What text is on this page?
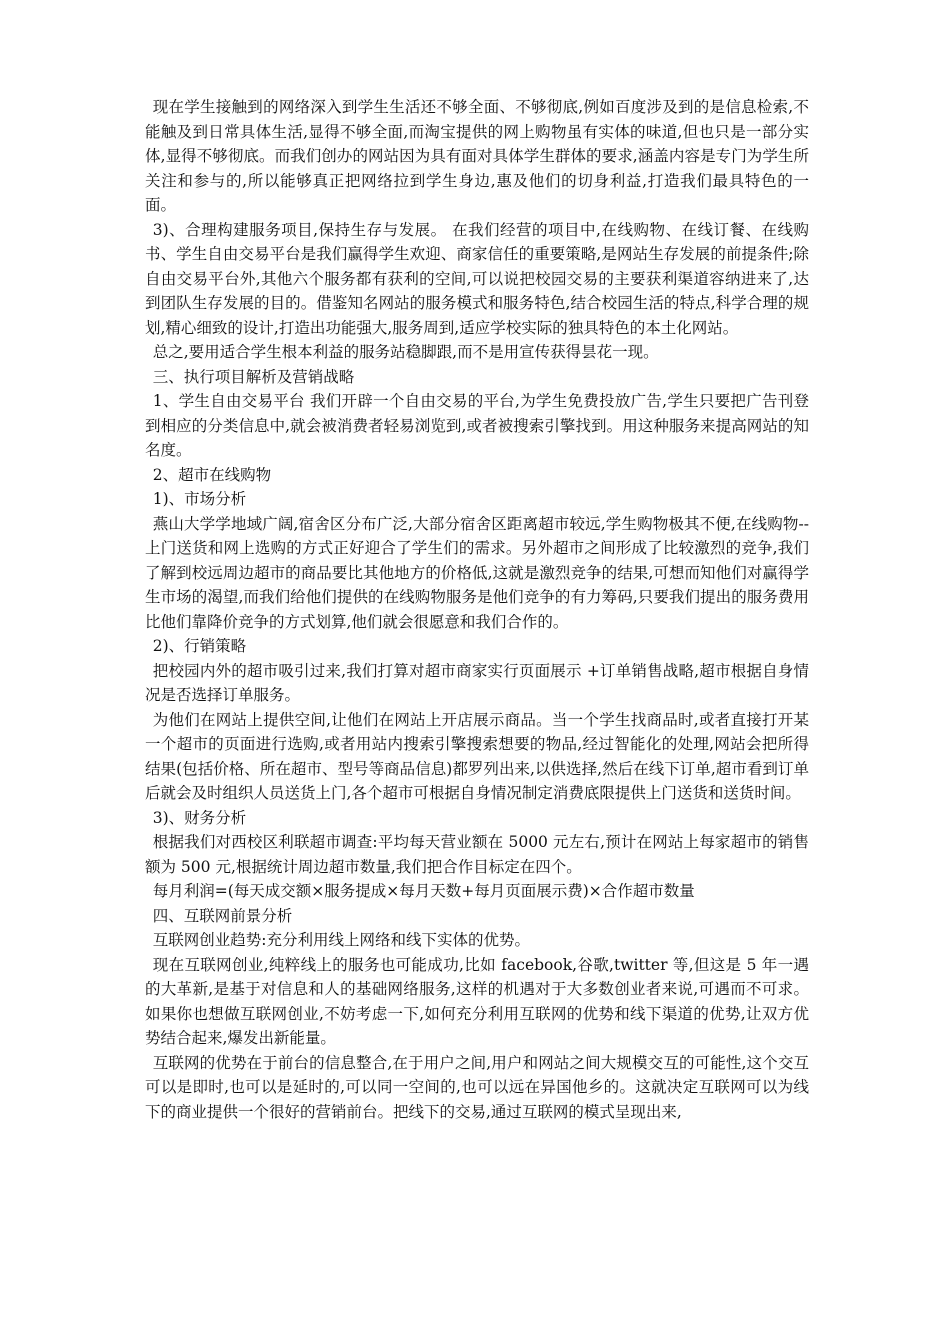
现在学生接触到的网络深入到学生生活还不够全面、不够彻底,例如百度涉及到的是信息检索,不能触及到日常具体生活,显得不够全面,而淘宝提供的网上购物虽有实体的味道,但也只是一部分实体,显得不够彻底。而我们创办的网站因为具有面对具体学生群体的要求,涵盖内容是专门为学生所关注和参与的,所以能够真正把网络拉到学生身边,惠及他们的切身利益,打造我们最具特色的一面。

3)、合理构建服务项目,保持生存与发展。 在我们经营的项目中,在线购物、在线订餐、在线购书、学生自由交易平台是我们赢得学生欢迎、商家信任的重要策略,是网站生存发展的前提条件;除自由交易平台外,其他六个服务都有获利的空间,可以说把校园交易的主要获利渠道容纳进来了,达到团队生存发展的目的。借鉴知名网站的服务模式和服务特色,结合校园生活的特点,科学合理的规划,精心细致的设计,打造出功能强大,服务周到,适应学校实际的独具特色的本土化网站。

总之,要用适合学生根本利益的服务站稳脚跟,而不是用宣传获得昙花一现。

三、执行项目解析及营销战略

1、学生自由交易平台 我们开辟一个自由交易的平台,为学生免费投放广告,学生只要把广告刊登到相应的分类信息中,就会被消费者轻易浏览到,或者被搜索引擎找到。用这种服务来提高网站的知名度。

2、超市在线购物

1)、市场分析

燕山大学学地域广阔,宿舍区分布广泛,大部分宿舍区距离超市较远,学生购物极其不便,在线购物--上门送货和网上选购的方式正好迎合了学生们的需求。另外超市之间形成了比较激烈的竞争,我们了解到校远周边超市的商品要比其他地方的价格低,这就是激烈竞争的结果,可想而知他们对赢得学生市场的渴望,而我们给他们提供的在线购物服务是他们竞争的有力筹码,只要我们提出的服务费用比他们靠降价竞争的方式划算,他们就会很愿意和我们合作的。

2)、行销策略

把校园内外的超市吸引过来,我们打算对超市商家实行页面展示 +订单销售战略,超市根据自身情况是否选择订单服务。

为他们在网站上提供空间,让他们在网站上开店展示商品。当一个学生找商品时,或者直接打开某一个超市的页面进行选购,或者用站内搜索引擎搜索想要的物品,经过智能化的处理,网站会把所得结果(包括价格、所在超市、型号等商品信息)都罗列出来,以供选择,然后在线下订单,超市看到订单后就会及时组织人员送货上门,各个超市可根据自身情况制定消费底限提供上门送货和送货时间。

3)、财务分析

根据我们对西校区利联超市调查:平均每天营业额在 5000 元左右,预计在网站上每家超市的销售额为 500 元,根据统计周边超市数量,我们把合作目标定在四个。

每月利润=(每天成交额×服务提成×每月天数+每月页面展示费)×合作超市数量

四、互联网前景分析

互联网创业趋势:充分利用线上网络和线下实体的优势。

现在互联网创业,纯粹线上的服务也可能成功,比如 facebook,谷歌,twitter 等,但这是 5 年一遇的大革新,是基于对信息和人的基础网络服务,这样的机遇对于大多数创业者来说,可遇而不可求。如果你也想做互联网创业,不妨考虑一下,如何充分利用互联网的优势和线下渠道的优势,让双方优势结合起来,爆发出新能量。

互联网的优势在于前台的信息整合,在于用户之间,用户和网站之间大规模交互的可能性,这个交互可以是即时,也可以是延时的,可以同一空间的,也可以远在异国他乡的。这就决定互联网可以为线下的商业提供一个很好的营销前台。把线下的交易,通过互联网的模式呈现出来,
